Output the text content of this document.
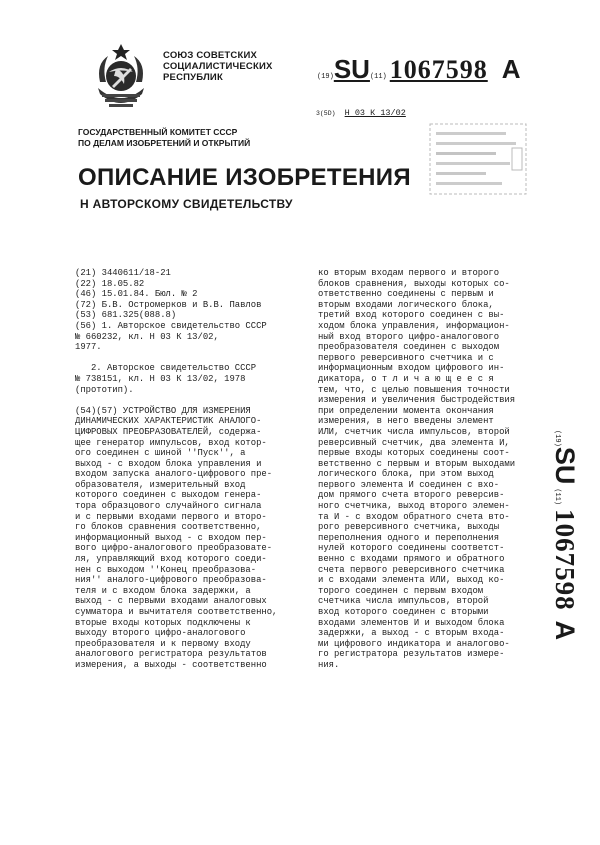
СОЮЗ СОВЕТСКИХ
СОЦИАЛИСТИЧЕСКИХ
РЕСПУБЛИК	(19) SU (11) 1067598 A
3(5D) Н 03 К 13/02
ГОСУДАРСТВЕННЫЙ КОМИТЕТ СССР
ПО ДЕЛАМ ИЗОБРЕТЕНИЙ И ОТКРЫТИЙ
ОПИСАНИЕ ИЗОБРЕТЕНИЯ
Н АВТОРСКОМУ СВИДЕТЕЛЬСТВУ
(21) 3440611/18-21
(22) 18.05.82
(46) 15.01.84. Бюл. № 2
(72) Б.В. Остромерков и В.В. Павлов
(53) 681.325(088.8)
(56) 1. Авторское свидетельство СССР
№ 660232, кл. Н 03 К 13/02,
1977.
2. Авторское свидетельство СССР
№ 738151, кл. Н 03 К 13/02, 1978
(прототип).
(54)(57) УСТРОЙСТВО ДЛЯ ИЗМЕРЕНИЯ
ДИНАМИЧЕСКИХ ХАРАКТЕРИСТИК АНАЛОГО-
ЦИФРОВЫХ ПРЕОБРАЗОВАТЕЛЕЙ, содержа-
щее генератор импульсов, вход котор-
ого соединен с шиной ''Пуск'', а
выход - с входом блока управления и
входом запуска аналого-цифрового пре-
образователя, измерительный вход
которого соединен с выходом генера-
тора образцового случайного сигнала
и с первыми входами первого и второ-
го блоков сравнения соответственно,
информационный выход - с входом пер-
вого цифро-аналогового преобразовате-
ля, управляющий вход которого соеди-
нен с выходом ''Конец преобразова-
ния'' аналого-цифрового преобразова-
теля и с входом блока задержки, а
выход - с первыми входами аналоговых
сумматора и вычитателя соответственно,
вторые входы которых подключены к
выходу второго цифро-аналогового
преобразователя и к первому входу
аналогового регистратора результатов
измерения, а выходы - соответственно
ко вторым входам первого и второго
блоков сравнения, выходы которых со-
ответственно соединены с первым и
вторым входами логического блока,
третий вход которого соединен с вы-
ходом блока управления, информацион-
ный вход второго цифро-аналогового
преобразователя соединен с выходом
первого реверсивного счетчика и с
информационным входом цифрового ин-
дикатора, о т л и ч а ю щ е е с я
тем, что, с целью повышения точности
измерения и увеличения быстродействия
при определении момента окончания
измерения, в него введены элемент
ИЛИ, счетчик числа импульсов, второй
реверсивный счетчик, два элемента И,
первые входы которых соединены соот-
ветственно с первым и вторым выходами
логического блока, при этом выход
первого элемента И соединен с вхо-
дом прямого счета второго реверсив-
ного счетчика, выход второго элемен-
та И - с входом обратного счета вто-
рого реверсивного счетчика, выходы
переполнения одного и переполнения
нулей которого соединены соответст-
венно с входами прямого и обратного
счета первого реверсивного счетчика
и с входами элемента ИЛИ, выход ко-
торого соединен с первым входом
счетчика числа импульсов, второй
вход которого соединен с вторыми
входами элементов И и выходом блока
задержки, а выход - с вторым входа-
ми цифрового индикатора и аналогово-
го регистратора результатов измере-
ния.
(19)
SU
(11)
1067598
A
